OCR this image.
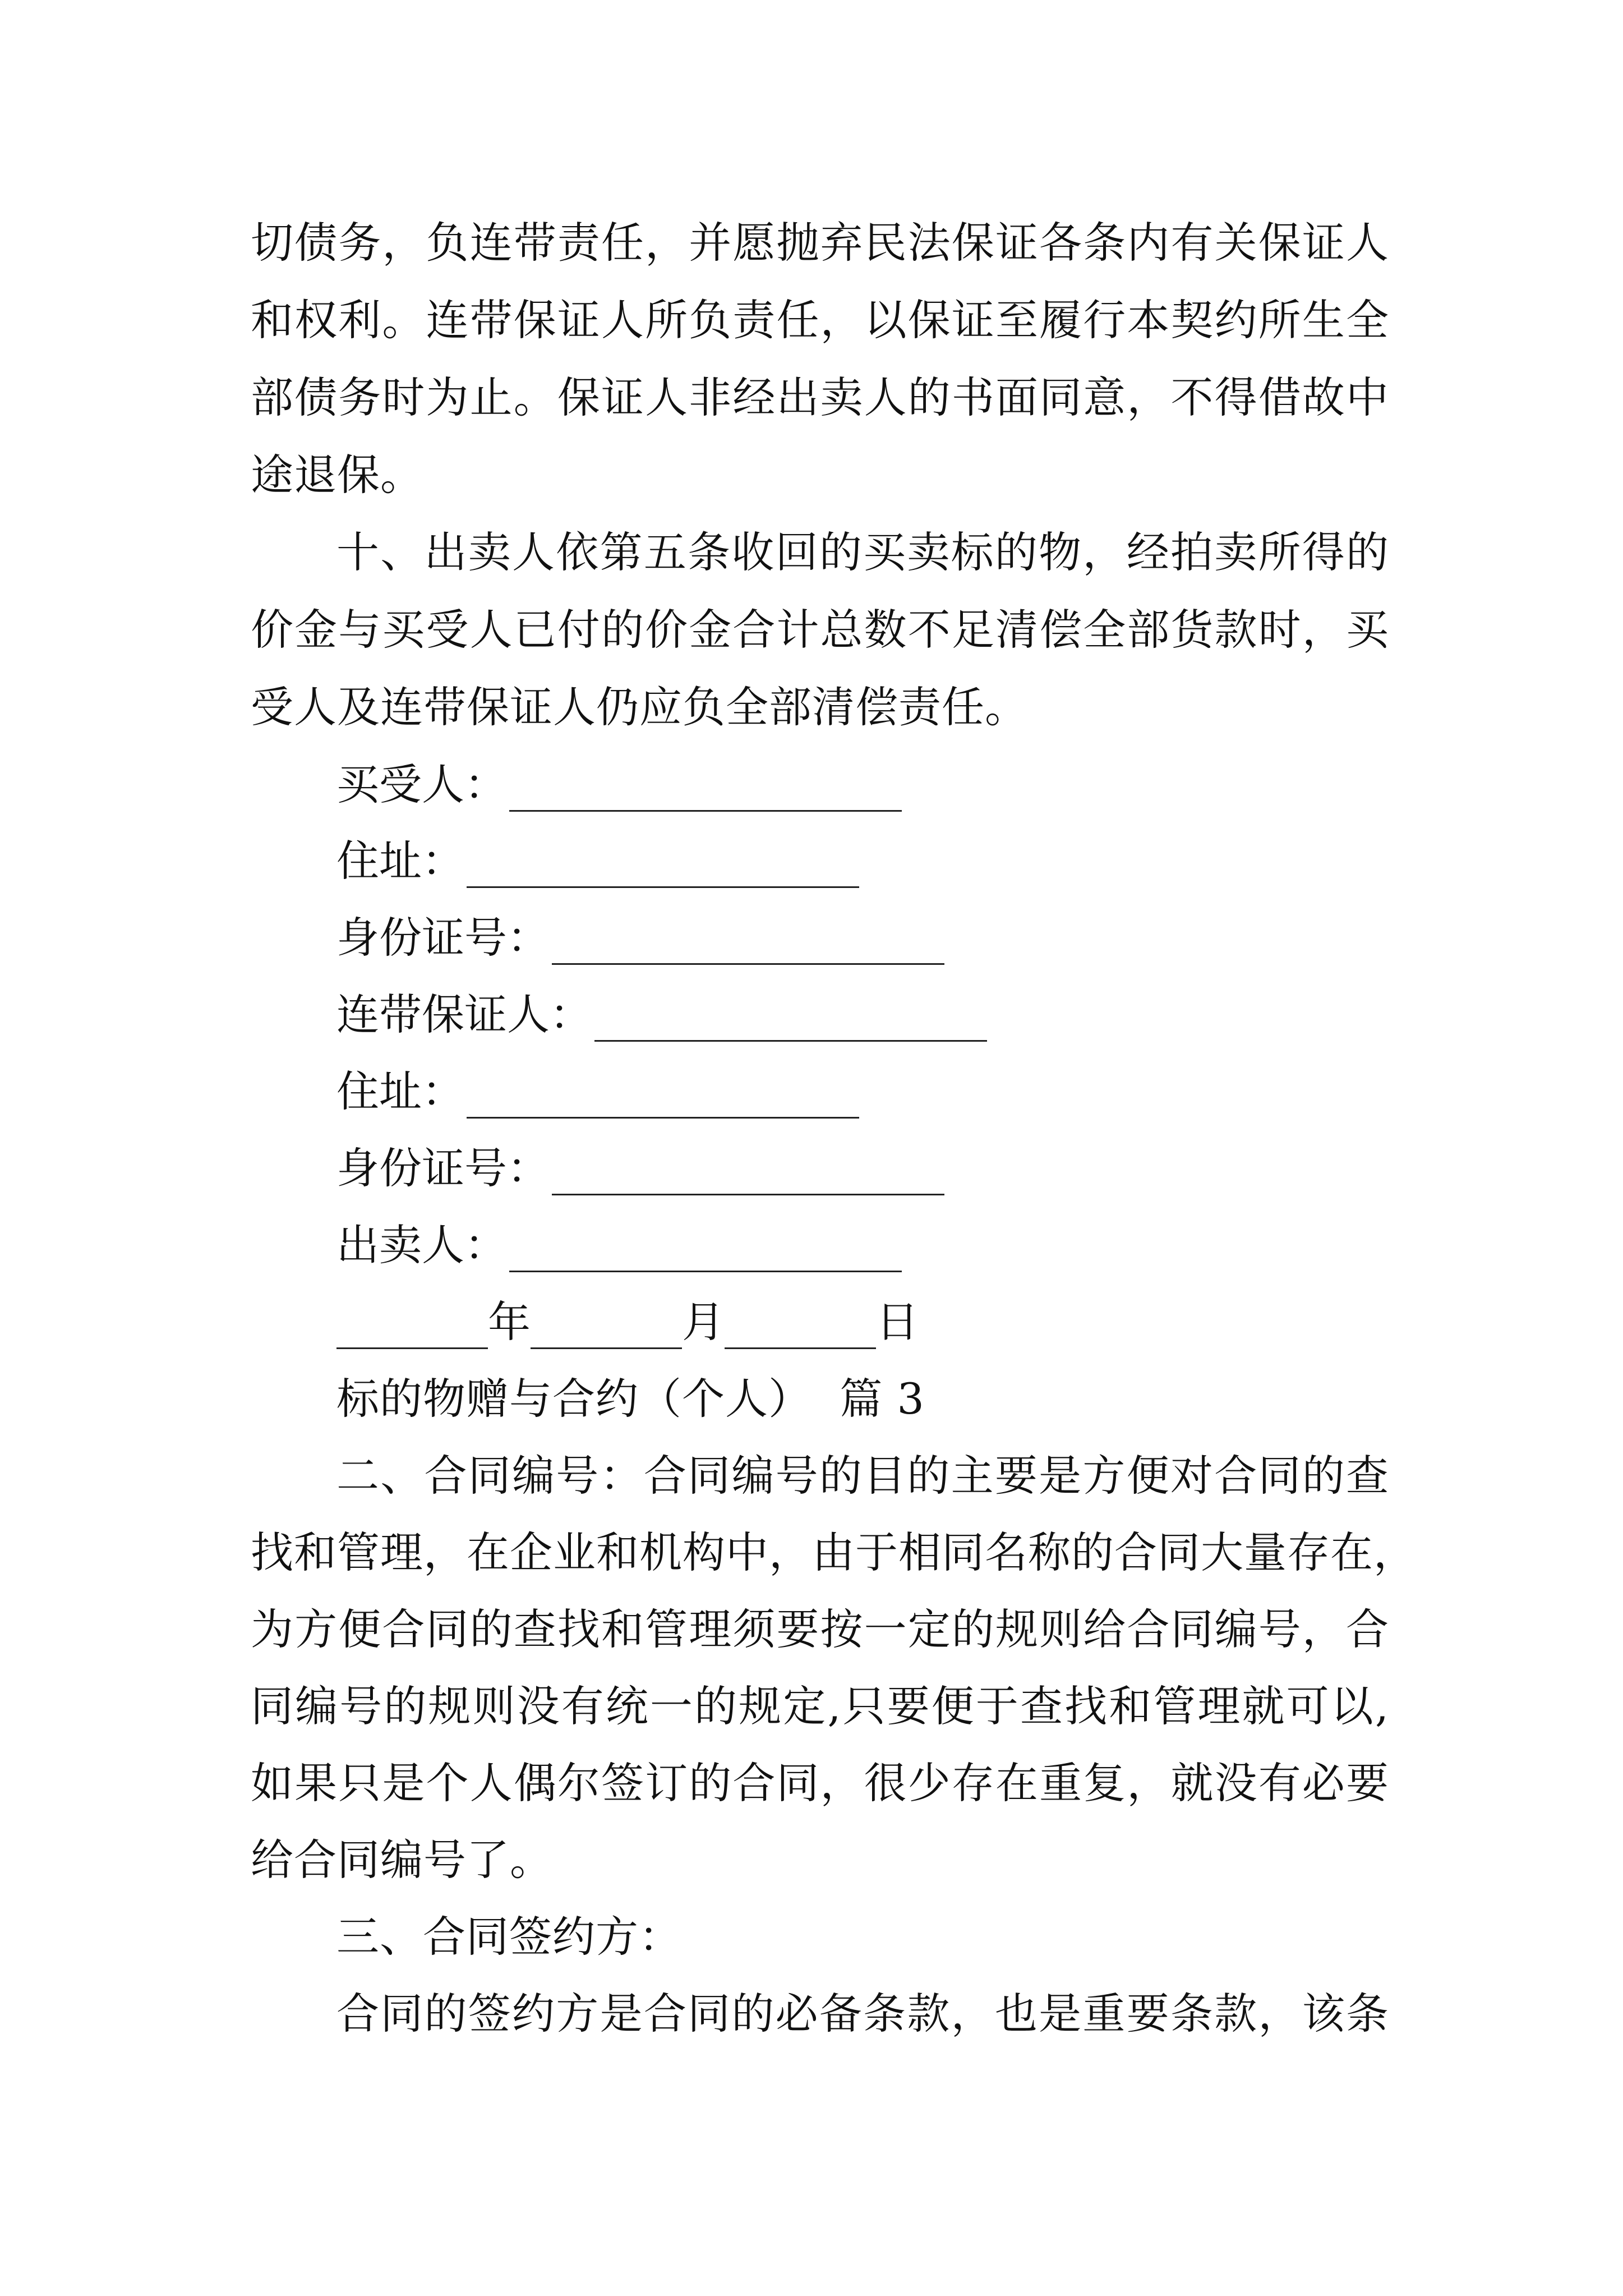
切债务，负连带责任，并愿抛弃民法保证各条内有关保证人
和权利。连带保证人所负责任，以保证至履行本契约所生全
部债务时为止。保证人非经出卖人的书面同意，不得借故中
途退保。
十、出卖人依第五条收回的买卖标的物，经拍卖所得的
价金与买受人已付的价金合计总数不足清偿全部货款时，买
受人及连带保证人仍应负全部清偿责任。
买受人：
住址：
身份证号：
连带保证人：
住址：
身份证号：
出卖人：
年	月	日
标的物赠与合约（个人）  篇 3
二、合同编号：合同编号的目的主要是方便对合同的查
找和管理，在企业和机构中，由于相同名称的合同大量存在，
为方便合同的查找和管理须要按一定的规则给合同编号，合
同编号的规则没有统一的规定,只要便于查找和管理就可以,
如果只是个人偶尔签订的合同，很少存在重复，就没有必要
给合同编号了。
三、合同签约方：
合同的签约方是合同的必备条款，也是重要条款，该条
